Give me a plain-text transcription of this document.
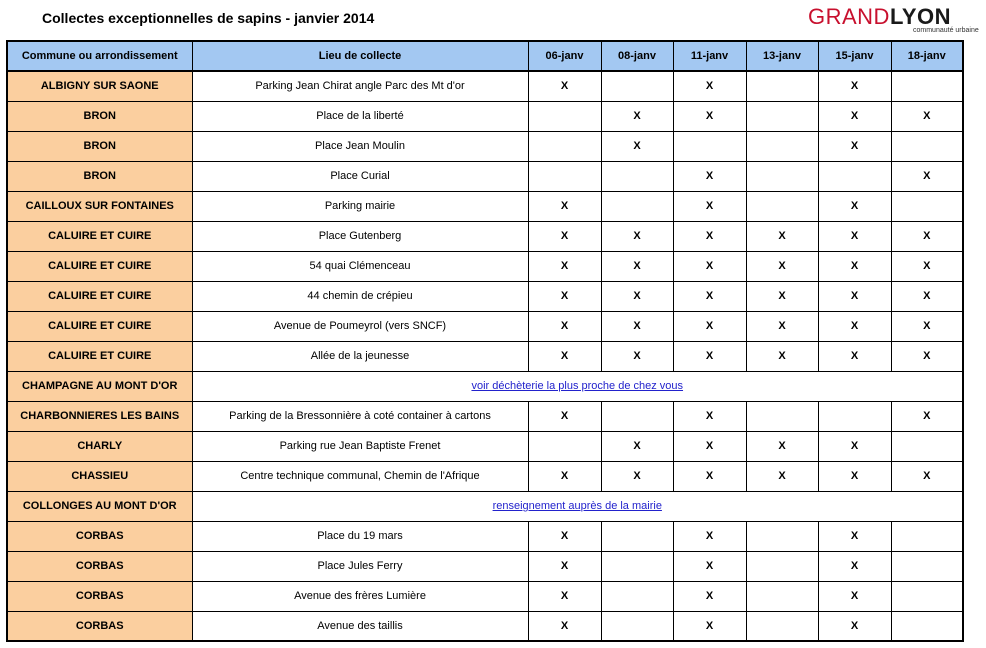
Collectes exceptionnelles de sapins - janvier 2014	GRANDLYON
communauté urbaine
Commune ou arrondissement	Lieu de collecte	06-janv	08-janv	11-janv	13-janv	15-janv	18-janv
ALBIGNY SUR SAONE	Parking Jean Chirat angle Parc des Mt d'or	X		X		X	
BRON	Place de la liberté		X	X		X	X
BRON	Place Jean Moulin		X			X	
BRON	Place Curial			X			X
CAILLOUX SUR FONTAINES	Parking mairie	X		X		X	
CALUIRE ET CUIRE	Place Gutenberg	X	X	X	X	X	X
CALUIRE ET CUIRE	54 quai Clémenceau	X	X	X	X	X	X
CALUIRE ET CUIRE	44 chemin de crépieu	X	X	X	X	X	X
CALUIRE ET CUIRE	Avenue de Poumeyrol (vers SNCF)	X	X	X	X	X	X
CALUIRE ET CUIRE	Allée de la jeunesse	X	X	X	X	X	X
CHAMPAGNE AU MONT D'OR	voir déchèterie la plus proche de chez vous						
CHARBONNIERES LES BAINS	Parking de la Bressonnière à coté container à cartons	X		X			X
CHARLY	Parking rue Jean Baptiste Frenet		X	X	X	X	
CHASSIEU	Centre technique communal, Chemin de l'Afrique	X	X	X	X	X	X
COLLONGES AU MONT D'OR	renseignement auprès de la mairie						
CORBAS	Place du 19 mars	X		X		X	
CORBAS	Place Jules Ferry	X		X		X	
CORBAS	Avenue des frères Lumière	X		X		X	
CORBAS	Avenue des taillis	X		X		X	
